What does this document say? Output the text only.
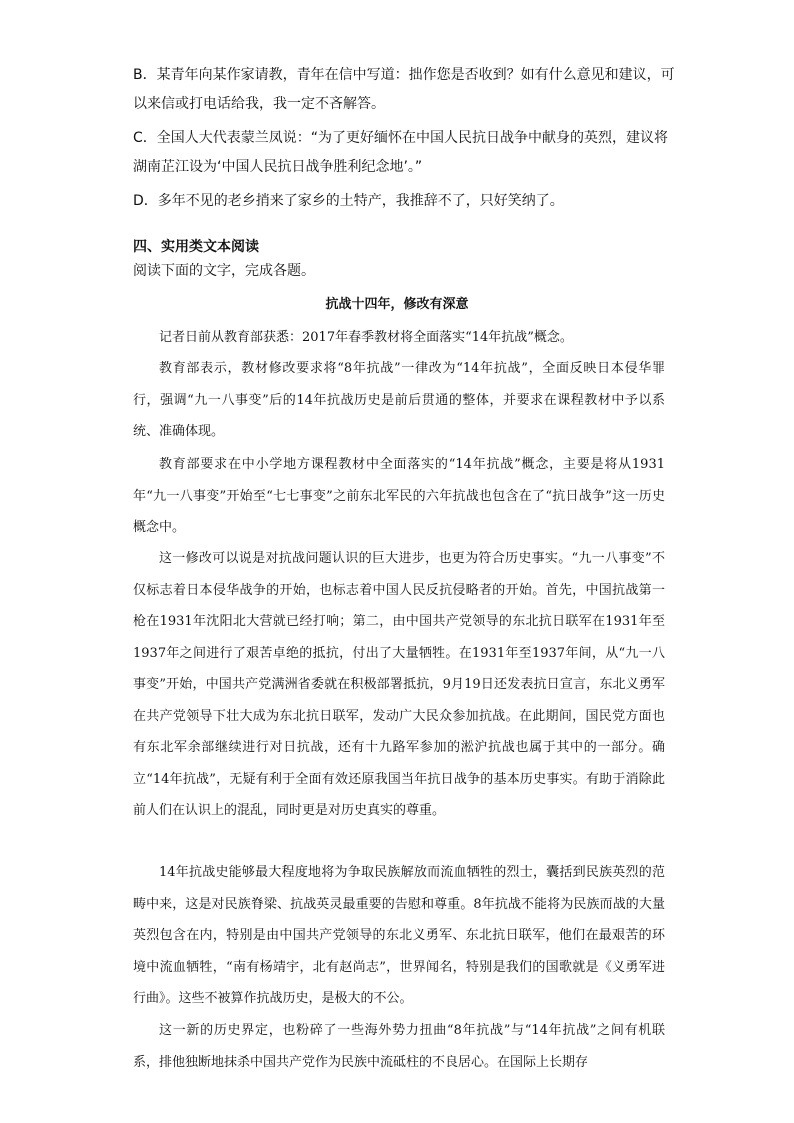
B．某青年向某作家请教，青年在信中写道：拙作您是否收到？如有什么意见和建议，可以来信或打电话给我，我一定不吝解答。

C．全国人大代表蒙兰凤说：“为了更好缅怀在中国人民抗日战争中献身的英烈，建议将湖南芷江设为‘中国人民抗日战争胜利纪念地’。”

D．多年不见的老乡捎来了家乡的土特产，我推辞不了，只好笑纳了。

四、实用类文本阅读

阅读下面的文字，完成各题。

抗战十四年，修改有深意

记者日前从教育部获悉：2017年春季教材将全面落实“14年抗战”概念。

教育部表示，教材修改要求将“8年抗战”一律改为“14年抗战”，全面反映日本侵华罪行，强调“九一八事变”后的14年抗战历史是前后贯通的整体，并要求在课程教材中予以系统、准确体现。

教育部要求在中小学地方课程教材中全面落实的“14年抗战”概念，主要是将从1931年“九一八事变”开始至“七七事变”之前东北军民的六年抗战也包含在了“抗日战争”这一历史概念中。

这一修改可以说是对抗战问题认识的巨大进步，也更为符合历史事实。“九一八事变”不仅标志着日本侵华战争的开始，也标志着中国人民反抗侵略者的开始。首先，中国抗战第一枪在1931年沈阳北大营就已经打响；第二，由中国共产党领导的东北抗日联军在1931年至1937年之间进行了艰苦卓绝的抵抗，付出了大量牺牲。在1931年至1937年间，从“九一八事变”开始，中国共产党满洲省委就在积极部署抵抗，9月19日还发表抗日宣言，东北义勇军在共产党领导下壮大成为东北抗日联军，发动广大民众参加抗战。在此期间，国民党方面也有东北军余部继续进行对日抗战，还有十九路军参加的淞沪抗战也属于其中的一部分。确立“14年抗战”，无疑有利于全面有效还原我国当年抗日战争的基本历史事实。有助于消除此前人们在认识上的混乱，同时更是对历史真实的尊重。

14年抗战史能够最大程度地将为争取民族解放而流血牺牲的烈士，囊括到民族英烈的范畴中来，这是对民族脊梁、抗战英灵最重要的告慰和尊重。8年抗战不能将为民族而战的大量英烈包含在内，特别是由中国共产党领导的东北义勇军、东北抗日联军，他们在最艰苦的环境中流血牺牲，“南有杨靖宇，北有赵尚志”，世界闻名，特别是我们的国歌就是《义勇军进行曲》。这些不被算作抗战历史，是极大的不公。

这一新的历史界定，也粉碎了一些海外势力扭曲“8年抗战”与“14年抗战”之间有机联系，排他独断地抹杀中国共产党作为民族中流砥柱的不良居心。在国际上长期存
